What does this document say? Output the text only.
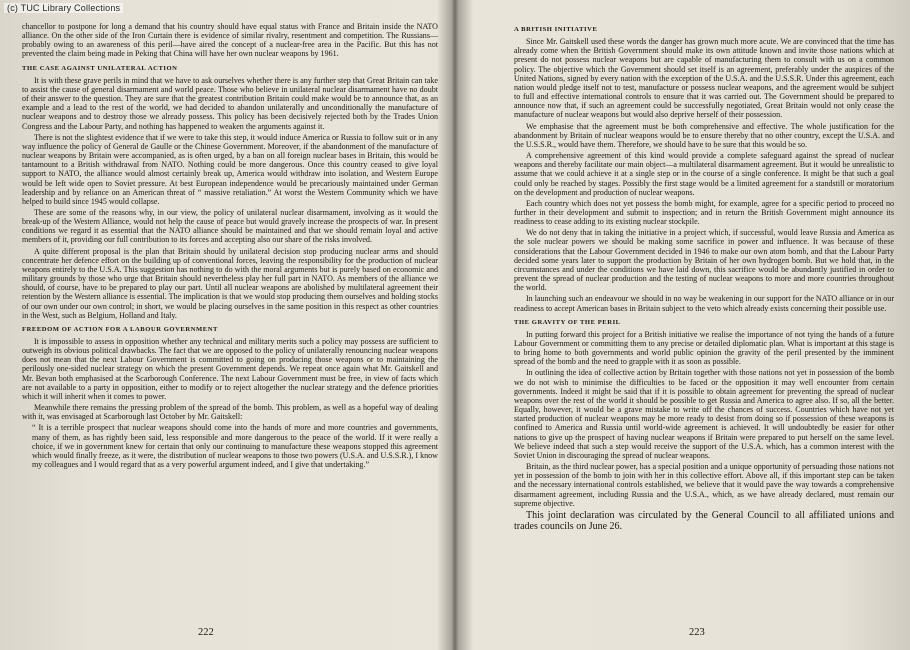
(c) TUC Library Collections

chancellor to postpone for long a demand that his country should have equal status with France and Britain inside the NATO alliance. On the other side of the Iron Curtain there is evidence of similar rivalry, resentment and competition. The Russians—probably owing to an awareness of this peril—have aired the concept of a nuclear-free area in the Pacific. But this has not prevented the claim being made in Peking that China will have her own nuclear weapons by 1961.

THE CASE AGAINST UNILATERAL ACTION

It is with these grave perils in mind that we have to ask ourselves whether there is any further step that Great Britain can take to assist the cause of general disarmament and world peace. Those who believe in unilateral nuclear disarmament have no doubt of their answer to the question. They are sure that the greatest contribution Britain could make would be to announce that, as an example and a lead to the rest of the world, we had decided to abandon unilaterally and unconditionally the manufacture of nuclear weapons and to destroy those we already possess. This policy has been decisively rejected both by the Trades Union Congress and the Labour Party, and nothing has happened to weaken the arguments against it.

There is not the slightest evidence that if we were to take this step, it would induce America or Russia to follow suit or in any way influence the policy of General de Gaulle or the Chinese Government. Moreover, if the abandonment of the manufacture of nuclear weapons by Britain were accompanied, as is often urged, by a ban on all foreign nuclear bases in Britain, this would be tantamount to a British withdrawal from NATO. Nothing could be more dangerous. Once this country ceased to give loyal support to NATO, the alliance would almost certainly break up, America would withdraw into isolation, and Western Europe would be left wide open to Soviet pressure. At best European independence would be precariously maintained under German leadership and by reliance on an American threat of “ massive retaliation.” At worst the Western Community which we have helped to build since 1945 would collapse.

These are some of the reasons why, in our view, the policy of unilateral nuclear disarmament, involving as it would the break-up of the Western Alliance, would not help the cause of peace but would gravely increase the prospects of war. In present conditions we regard it as essential that the NATO alliance should be maintained and that we should remain loyal and active members of it, providing our full contribution to its forces and accepting also our share of the risks involved.

A quite different proposal is the plan that Britain should by unilateral decision stop producing nuclear arms and should concentrate her defence effort on the building up of conventional forces, leaving the responsibility for the production of nuclear weapons entirely to the U.S.A. This suggestion has nothing to do with the moral arguments but is purely based on economic and military grounds by those who urge that Britain should nevertheless play her full part in NATO. As members of the alliance we should, of course, have to be prepared to play our part. Until all nuclear weapons are abolished by multilateral agreement their retention by the Western alliance is essential. The implication is that we would stop producing them ourselves and holding stocks of our own under our own control; in short, we would be placing ourselves in the same position in this respect as other countries in the West, such as Belgium, Holland and Italy.

FREEDOM OF ACTION FOR A LABOUR GOVERNMENT

It is impossible to assess in opposition whether any technical and military merits such a policy may possess are sufficient to outweigh its obvious political drawbacks. The fact that we are opposed to the policy of unilaterally renouncing nuclear weapons does not mean that the next Labour Government is committed to going on producing those weapons or to maintaining the perilously one-sided nuclear strategy on which the present Government depends. We repeat once again what Mr. Gaitskell and Mr. Bevan both emphasised at the Scarborough Conference. The next Labour Government must be free, in view of facts which are not available to a party in opposition, either to modify or to reject altogether the nuclear strategy and the defence priorities which it will inherit when it comes to power.

Meanwhile there remains the pressing problem of the spread of the bomb. This problem, as well as a hopeful way of dealing with it, was envisaged at Scarborough last October by Mr. Gaitskell:

“ It is a terrible prospect that nuclear weapons should come into the hands of more and more countries and governments, many of them, as has rightly been said, less responsible and more dangerous to the peace of the world. If it were really a choice, if we in government knew for certain that only our continuing to manufacture these weapons stopped this agreement which would finally freeze, as it were, the distribution of nuclear weapons to those two powers (U.S.A. and U.S.S.R.), I know my colleagues and I would regard that as a very powerful argument indeed, and I give that undertaking.”

222
A BRITISH INITIATIVE

Since Mr. Gaitskell used these words the danger has grown much more acute. We are convinced that the time has already come when the British Government should make its own attitude known and invite those nations which at present do not possess nuclear weapons but are capable of manufacturing them to consult with us on a common policy. The objective which the Government should set itself is an agreement, preferably under the auspices of the United Nations, signed by every nation with the exception of the U.S.A. and the U.S.S.R. Under this agreement, each nation would pledge itself not to test, manufacture or possess nuclear weapons, and the agreement would be subject to full and effective international controls to ensure that it was carried out. The Government should be prepared to announce now that, if such an agreement could be successfully negotiated, Great Britain would not only cease the manufacture of nuclear weapons but would also deprive herself of their possession.

We emphasise that the agreement must be both comprehensive and effective. The whole justification for the abandonment by Britain of nuclear weapons would be to ensure thereby that no other country, except the U.S.A. and the U.S.S.R., would have them. Therefore, we should have to be sure that this would be so.

A comprehensive agreement of this kind would provide a complete safeguard against the spread of nuclear weapons and thereby facilitate our main object—a multilateral disarmament agreement. But it would be unrealistic to assume that we could achieve it at a single step or in the course of a single conference. It might be that such a goal could only be reached by stages. Possibly the first stage would be a limited agreement for a standstill or moratorium on the development and production of nuclear weapons.

Each country which does not yet possess the bomb might, for example, agree for a specific period to proceed no further in their development and submit to inspection; and in return the British Government might announce its readiness to cease adding to its existing nuclear stockpile.

We do not deny that in taking the initiative in a project which, if successful, would leave Russia and America as the sole nuclear powers we should be making some sacrifice in power and influence. It was because of these considerations that the Labour Government decided in 1946 to make our own atom bomb, and that the Labour Party decided some years later to support the production by Britain of her own hydrogen bomb. But we hold that, in the circumstances and under the conditions we have laid down, this sacrifice would be abundantly justified in order to prevent the spread of nuclear production and the testing of nuclear weapons to more and more countries throughout the world.

In launching such an endeavour we should in no way be weakening in our support for the NATO alliance or in our readiness to accept American bases in Britain subject to the veto which already exists concerning their possible use.

THE GRAVITY OF THE PERIL

In putting forward this project for a British initiative we realise the importance of not tying the hands of a future Labour Government or committing them to any precise or detailed diplomatic plan. What is important at this stage is to bring home to both governments and world public opinion the gravity of the peril presented by the imminent spread of the bomb and the need to grapple with it as soon as possible.

In outlining the idea of collective action by Britain together with those nations not yet in possession of the bomb we do not wish to minimise the difficulties to be faced or the opposition it may well encounter from certain governments. Indeed it might be said that if it is possible to obtain agreement for preventing the spread of nuclear weapons over the rest of the world it should be possible to get Russia and America to agree also. If so, all the better. Equally, however, it would be a grave mistake to write off the chances of success. Countries which have not yet started production of nuclear weapons may be more ready to desist from doing so if possession of these weapons is confined to America and Russia until world-wide agreement is achieved. It will undoubtedly be easier for other nations to give up the prospect of having nuclear weapons if Britain were prepared to put herself on the same level. We believe indeed that such a step would receive the support of the U.S.A. which, has a common interest with the Soviet Union in discouraging the spread of nuclear weapons.

Britain, as the third nuclear power, has a special position and a unique opportunity of persuading those nations not yet in possession of the bomb to join with her in this collective effort. Above all, if this important step can be taken and the necessary international controls established, we believe that it would pave the way towards a comprehensive disarmament agreement, including Russia and the U.S.A., which, as we have already declared, must remain our supreme objective.

This joint declaration was circulated by the General Council to all affiliated unions and trades councils on June 26.

223
